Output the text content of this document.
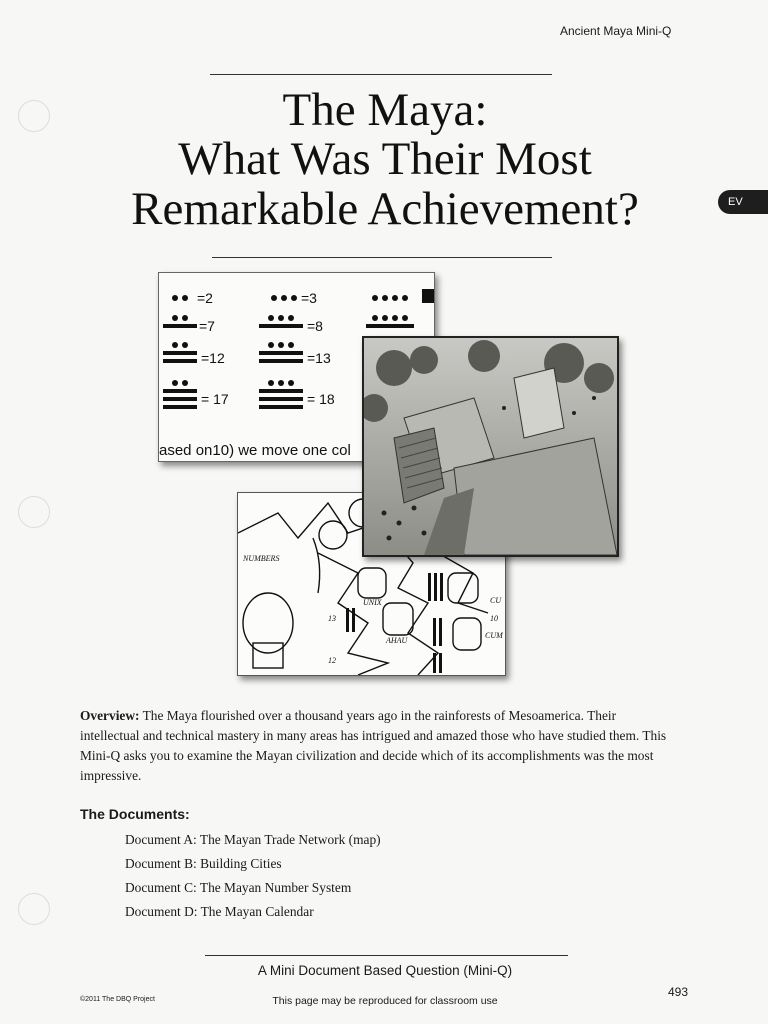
Ancient Maya Mini-Q
The Maya:
What Was Their Most
Remarkable Achievement?	EV
=2	=3
=7	=8
=12	=13
= 17	= 18
ased on10) we move one col
NUMBERS
UNIX
AHAU
CU
CUM
13
12
10
Overview: The Maya flourished over a thousand years ago in the rainforests of Mesoamerica. Their intellectual and technical mastery in many areas has intrigued and amazed those who have studied them. This Mini-Q asks you to examine the Mayan civilization and decide which of its accomplishments was the most impressive.
The Documents:
Document A: The Mayan Trade Network (map)
Document B: Building Cities
Document C: The Mayan Number System
Document D: The Mayan Calendar
A Mini Document Based Question (Mini-Q)
This page may be reproduced for classroom use
©2011 The DBQ Project
493
